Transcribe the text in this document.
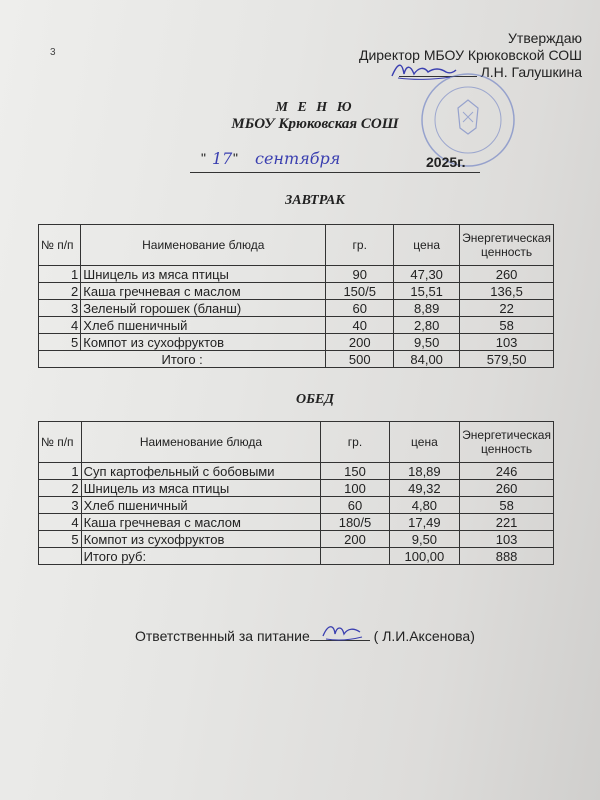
3
Утверждаю
Директор МБОУ Крюковской СОШ
Л.Н. Галушкина
М Е Н Ю
МБОУ Крюковская СОШ
" 17 " сентября	2025г.
ЗАВТРАК
№ п/п	Наименование блюда	гр.	цена	Энергетическая ценность
1	Шницель из мяса птицы	90	47,30	260
2	Каша гречневая с маслом	150/5	15,51	136,5
3	Зеленый горошек (бланш)	60	8,89	22
4	Хлеб пшеничный	40	2,80	58
5	Компот из сухофруктов	200	9,50	103
Итого :		500	84,00	579,50
ОБЕД
№ п/п	Наименование блюда	гр.	цена	Энергетическая ценность
1	Суп картофельный с бобовыми	150	18,89	246
2	Шницель из мяса птицы	100	49,32	260
3	Хлеб пшеничный	60	4,80	58
4	Каша гречневая с маслом	180/5	17,49	221
5	Компот из сухофруктов	200	9,50	103
	Итого руб:		100,00	888
Ответственный за питание	( Л.И.Аксенова)
